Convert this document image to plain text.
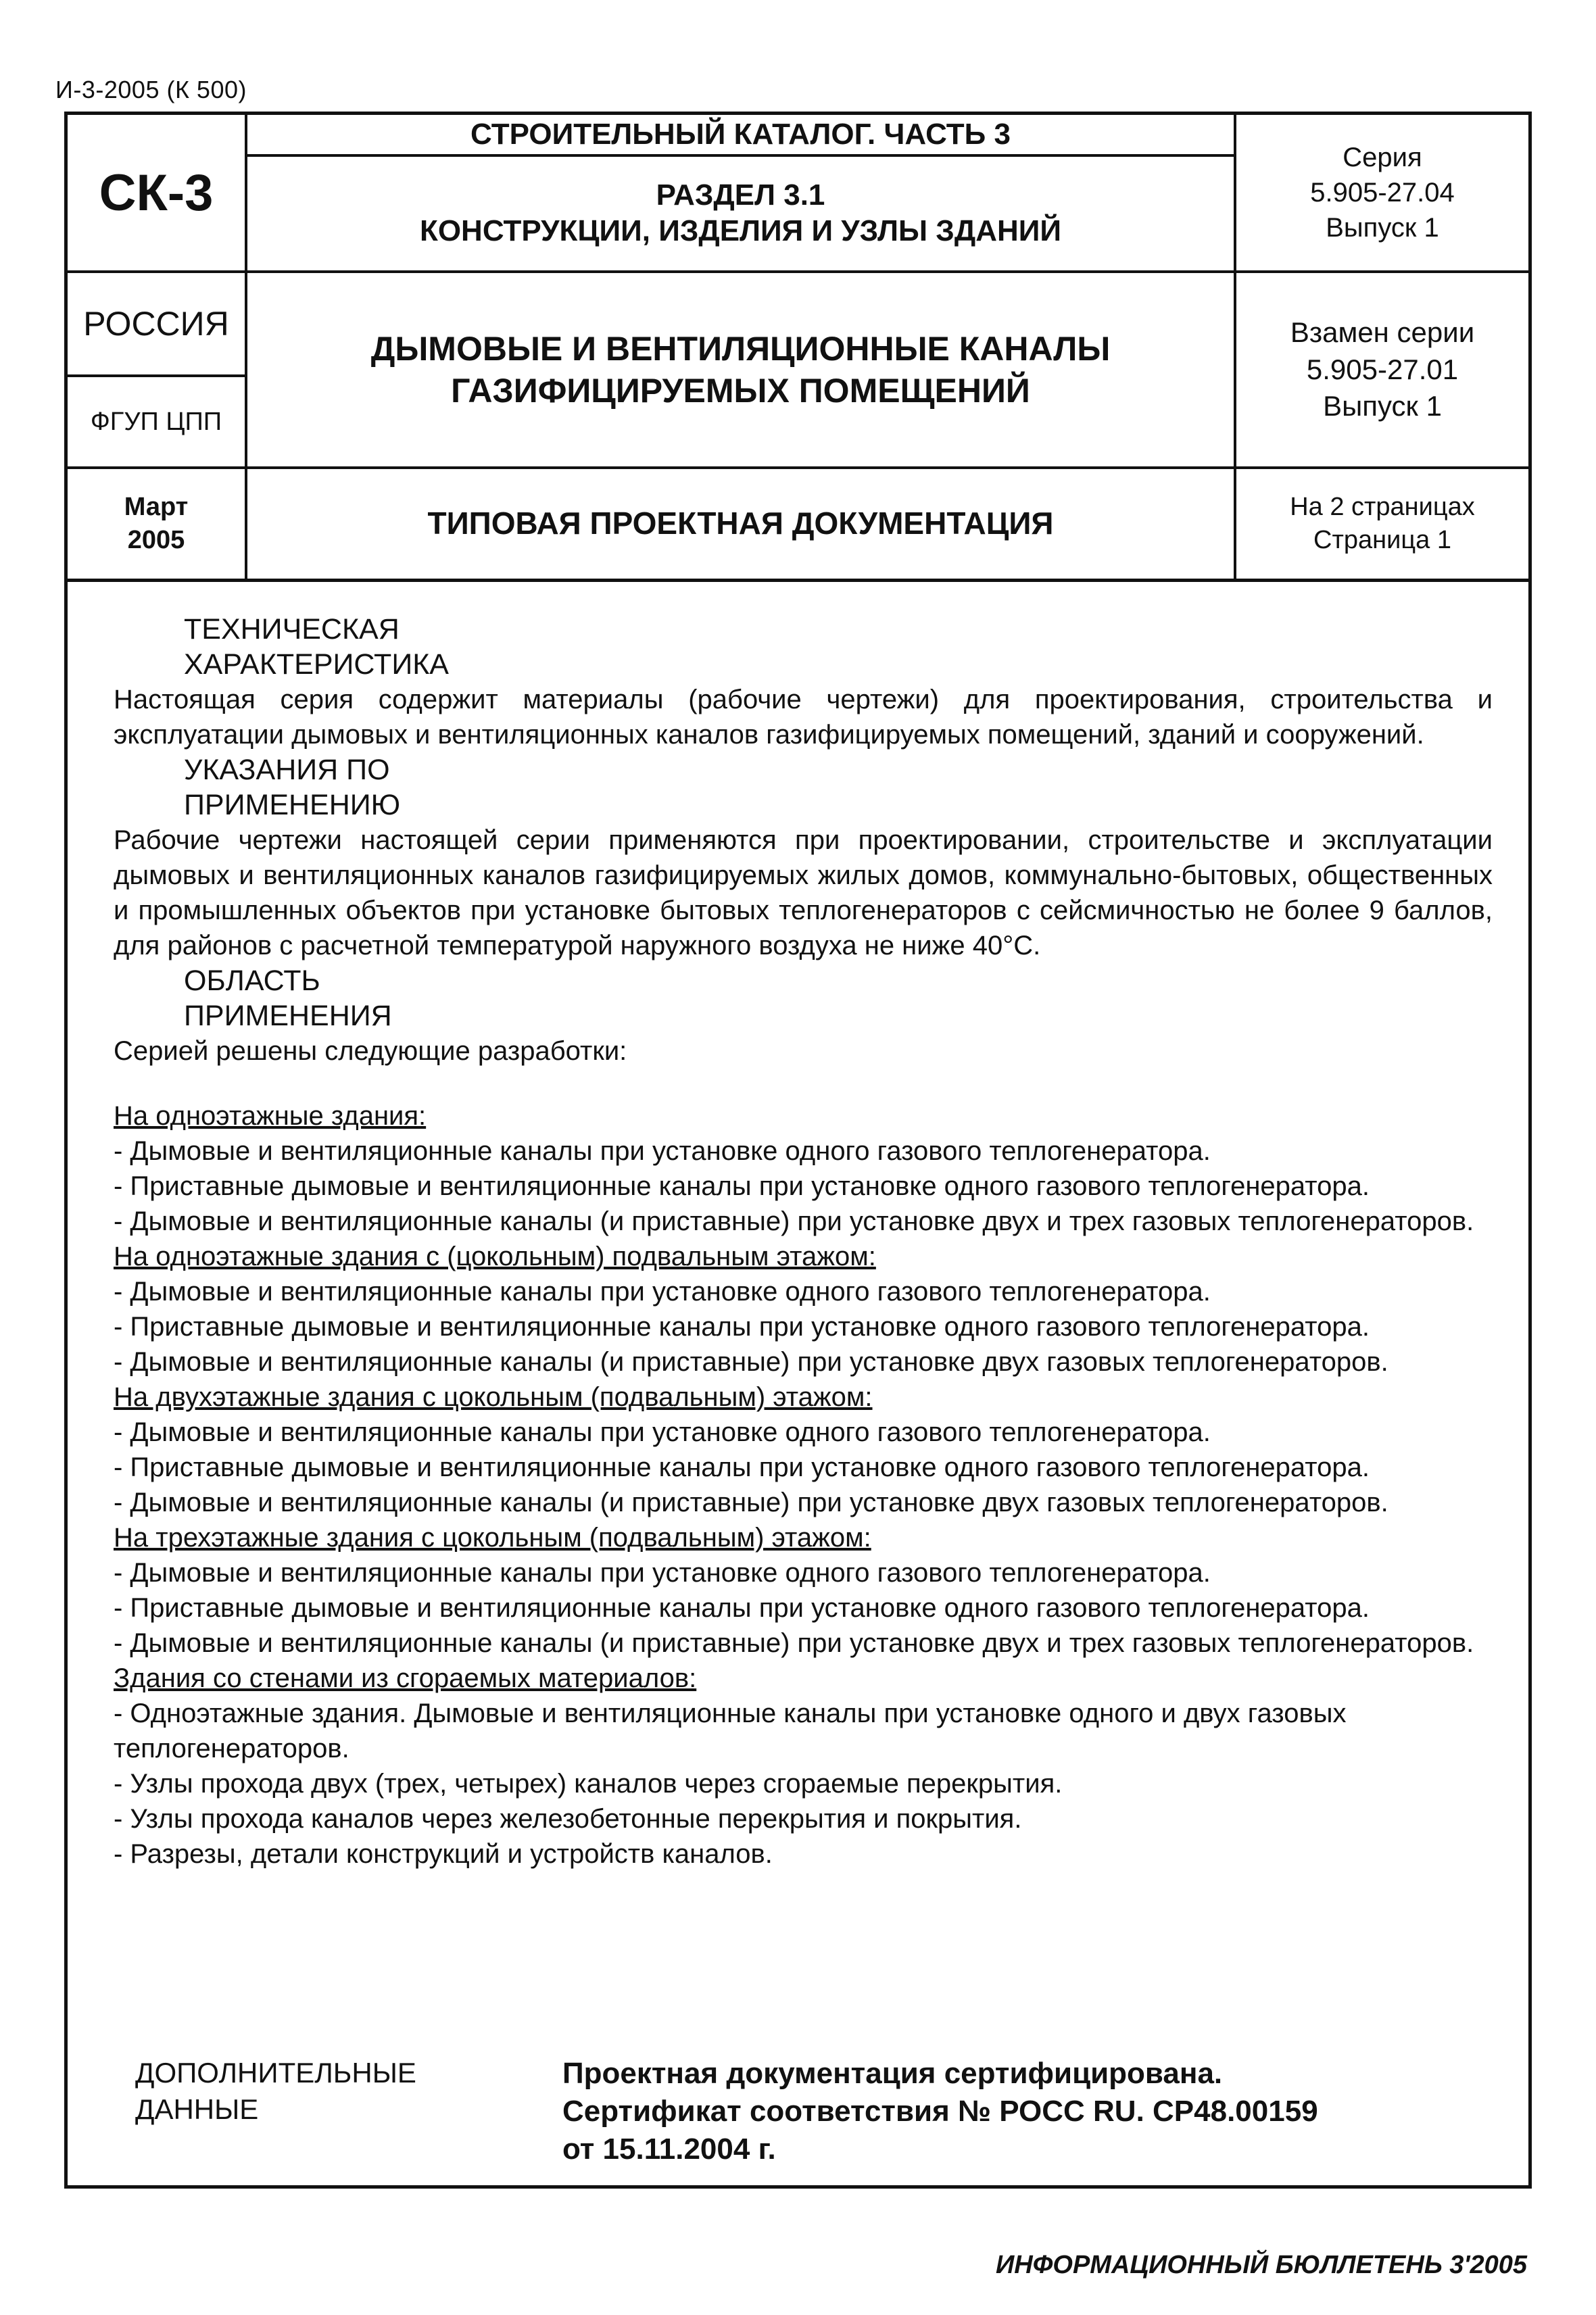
И-3-2005 (К 500)
СК-3
СТРОИТЕЛЬНЫЙ КАТАЛОГ. ЧАСТЬ 3
РАЗДЕЛ 3.1
КОНСТРУКЦИИ, ИЗДЕЛИЯ И УЗЛЫ ЗДАНИЙ
Серия
5.905-27.04
Выпуск 1
РОССИЯ
ФГУП ЦПП
ДЫМОВЫЕ И ВЕНТИЛЯЦИОННЫЕ КАНАЛЫ
ГАЗИФИЦИРУЕМЫХ ПОМЕЩЕНИЙ
Взамен серии
5.905-27.01
Выпуск 1
Март
2005	ТИПОВАЯ ПРОЕКТНАЯ ДОКУМЕНТАЦИЯ	На 2 страницах
Страница 1
ТЕХНИЧЕСКАЯ
ХАРАКТЕРИСТИКА

Настоящая серия содержит материалы (рабочие чертежи) для проектирования, строительства и эксплуатации дымовых и вентиляционных каналов газифицируемых помещений, зданий и сооружений.

УКАЗАНИЯ ПО
ПРИМЕНЕНИЮ

Рабочие чертежи настоящей серии применяются при проектировании, строительстве и эксплуатации дымовых и вентиляционных каналов газифицируемых жилых домов, коммунально-бытовых, общественных и промышленных объектов при установке бытовых теплогенераторов с сейсмичностью не более 9 баллов, для районов с расчетной температурой наружного воздуха не ниже 40°C.

ОБЛАСТЬ
ПРИМЕНЕНИЯ

Серией решены следующие разработки:

На одноэтажные здания:

- Дымовые и вентиляционные каналы при установке одного газового теплогенератора.

- Приставные дымовые и вентиляционные каналы при установке одного газового теплогенератора.

- Дымовые и вентиляционные каналы (и приставные) при установке двух и трех газовых теплогенераторов.

На одноэтажные здания с (цокольным) подвальным этажом:

- Дымовые и вентиляционные каналы при установке одного газового теплогенератора.

- Приставные дымовые и вентиляционные каналы при установке одного газового теплогенератора.

- Дымовые и вентиляционные каналы (и приставные) при установке двух газовых теплогенераторов.

На двухэтажные здания с цокольным (подвальным) этажом:

- Дымовые и вентиляционные каналы при установке одного газового теплогенератора.

- Приставные дымовые и вентиляционные каналы при установке одного газового теплогенератора.

- Дымовые и вентиляционные каналы (и приставные) при установке двух газовых теплогенераторов.

На трехэтажные здания с цокольным (подвальным) этажом:

- Дымовые и вентиляционные каналы при установке одного газового теплогенератора.

- Приставные дымовые и вентиляционные каналы при установке одного газового теплогенератора.

- Дымовые и вентиляционные каналы (и приставные) при установке двух и трех газовых теплогенераторов.

Здания со стенами из сгораемых материалов:

- Одноэтажные здания. Дымовые и вентиляционные каналы при установке одного и двух газовых теплогенераторов.

- Узлы прохода двух (трех, четырех) каналов через сгораемые перекрытия.

- Узлы прохода каналов через железобетонные перекрытия и покрытия.

- Разрезы, детали конструкций и устройств каналов.

ДОПОЛНИТЕЛЬНЫЕ
ДАННЫЕ
Проектная документация сертифицирована.
Сертификат соответствия № РОСС RU. СР48.00159
от 15.11.2004 г.
ИНФОРМАЦИОННЫЙ БЮЛЛЕТЕНЬ 3'2005
